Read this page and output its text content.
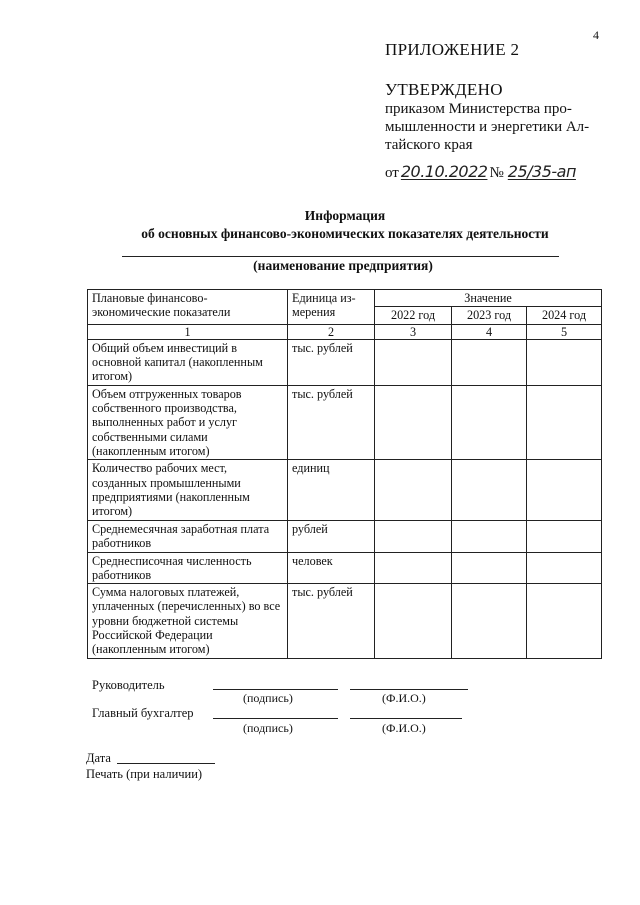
4
ПРИЛОЖЕНИЕ 2
УТВЕРЖДЕНО
приказом Министерства про-мышленности и энергетики Ал-тайского края
от 20.10.2022 № 25/35-ап
Информация
об основных финансово-экономических показателях деятельности
(наименование предприятия)
Плановые финансово-экономические показатели	Единица из-мерения	Значение		
		2022 год	2023 год	2024 год
1	2	3	4	5
Общий объем инвестиций в основной капитал (накопленным итогом)	тыс. рублей			
Объем отгруженных товаров собственного производства, выполненных работ и услуг собственными силами (накопленным итогом)	тыс. рублей			
Количество рабочих мест, созданных промышленными предприятиями (накопленным итогом)	единиц			
Среднемесячная заработная плата работников	рублей			
Среднесписочная численность работников	человек			
Сумма налоговых платежей, уплаченных (перечисленных) во все уровни бюджетной системы Российской Федерации (накопленным итогом)	тыс. рублей			
Руководитель
(подпись)	(Ф.И.О.)
Главный бухгалтер
(подпись)	(Ф.И.О.)
Дата
Печать (при наличии)
